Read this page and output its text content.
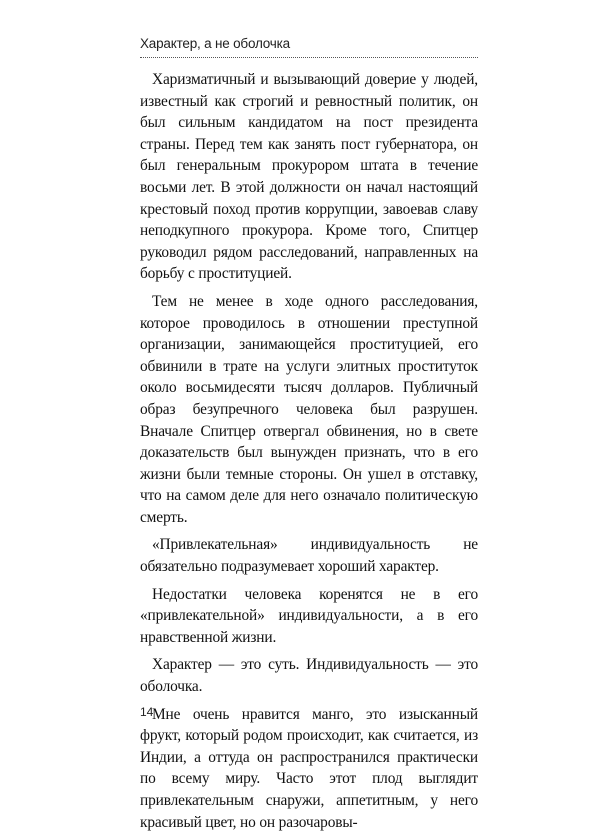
Характер, а не оболочка

Харизматичный и вызывающий доверие у людей, известный как строгий и ревностный политик, он был сильным кандидатом на пост президента страны. Перед тем как занять пост губернатора, он был генеральным прокурором штата в течение восьми лет. В этой должности он начал настоящий крестовый поход против коррупции, завоевав славу неподкупного прокурора. Кроме того, Спитцер руководил рядом расследований, направленных на борьбу с проституцией.

Тем не менее в ходе одного расследования, которое проводилось в отношении преступной организации, занимающейся проституцией, его обвинили в трате на услуги элитных проституток около восьмидесяти тысяч долларов. Публичный образ безупречного человека был разрушен. Вначале Спитцер отвергал обвинения, но в свете доказательств был вынужден признать, что в его жизни были темные стороны. Он ушел в отставку, что на самом деле для него означало политическую смерть.

«Привлекательная» индивидуальность не обязательно подразумевает хороший характер.

Недостатки человека коренятся не в его «привлекательной» индивидуальности, а в его нравственной жизни.

Характер — это суть. Индивидуальность — это оболочка.

Мне очень нравится манго, это изысканный фрукт, который родом происходит, как считается, из Индии, а оттуда он распространился практически по всему миру. Часто этот плод выглядит привлекательным снаружи, аппетитным, у него красивый цвет, но он разочаровы-

14
